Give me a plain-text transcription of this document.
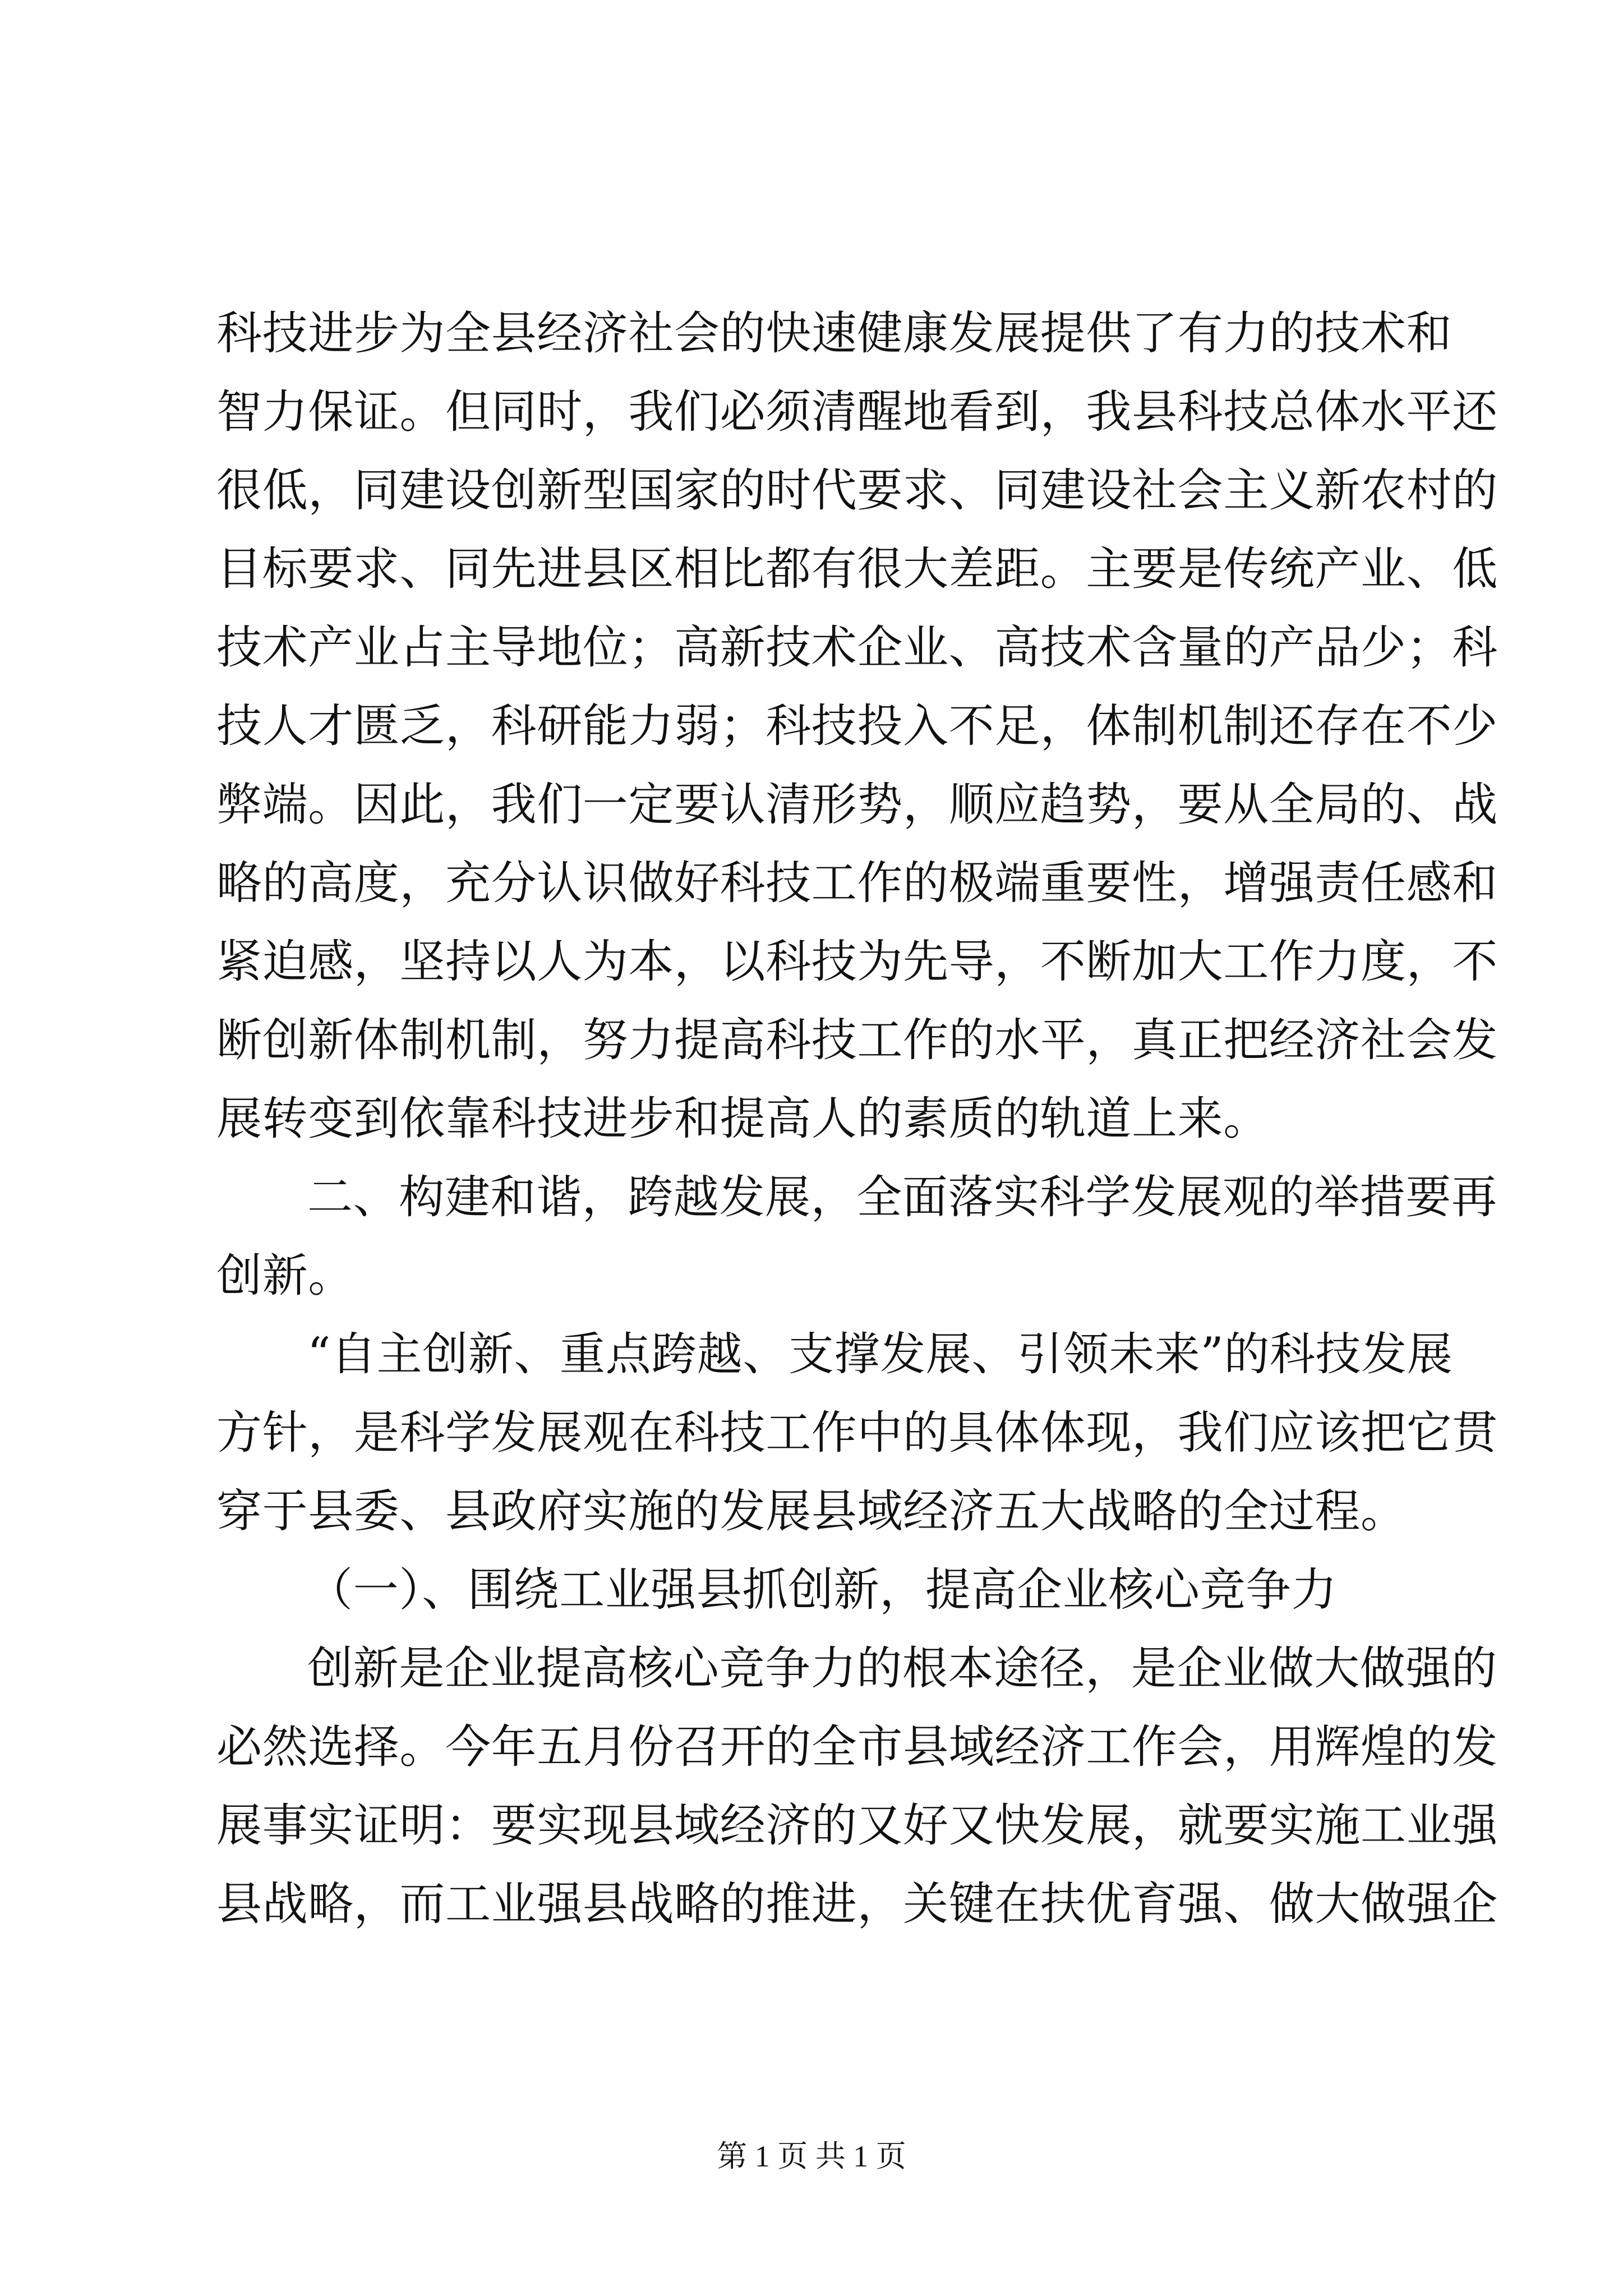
科技进步为全县经济社会的快速健康发展提供了有力的技术和
智力保证。但同时，我们必须清醒地看到，我县科技总体水平还
很低，同建设创新型国家的时代要求、同建设社会主义新农村的
目标要求、同先进县区相比都有很大差距。主要是传统产业、低
技术产业占主导地位；高新技术企业、高技术含量的产品少；科
技人才匮乏，科研能力弱；科技投入不足，体制机制还存在不少
弊端。因此，我们一定要认清形势，顺应趋势，要从全局的、战
略的高度，充分认识做好科技工作的极端重要性，增强责任感和
紧迫感，坚持以人为本，以科技为先导，不断加大工作力度，不
断创新体制机制，努力提高科技工作的水平，真正把经济社会发
展转变到依靠科技进步和提高人的素质的轨道上来。
二、构建和谐，跨越发展，全面落实科学发展观的举措要再
创新。
“自主创新、重点跨越、支撑发展、引领未来”的科技发展
方针，是科学发展观在科技工作中的具体体现，我们应该把它贯
穿于县委、县政府实施的发展县域经济五大战略的全过程。
（一）、围绕工业强县抓创新，提高企业核心竞争力
创新是企业提高核心竞争力的根本途径，是企业做大做强的
必然选择。今年五月份召开的全市县域经济工作会，用辉煌的发
展事实证明：要实现县域经济的又好又快发展，就要实施工业强
县战略，而工业强县战略的推进，关键在扶优育强、做大做强企
第 1 页 共 1 页
